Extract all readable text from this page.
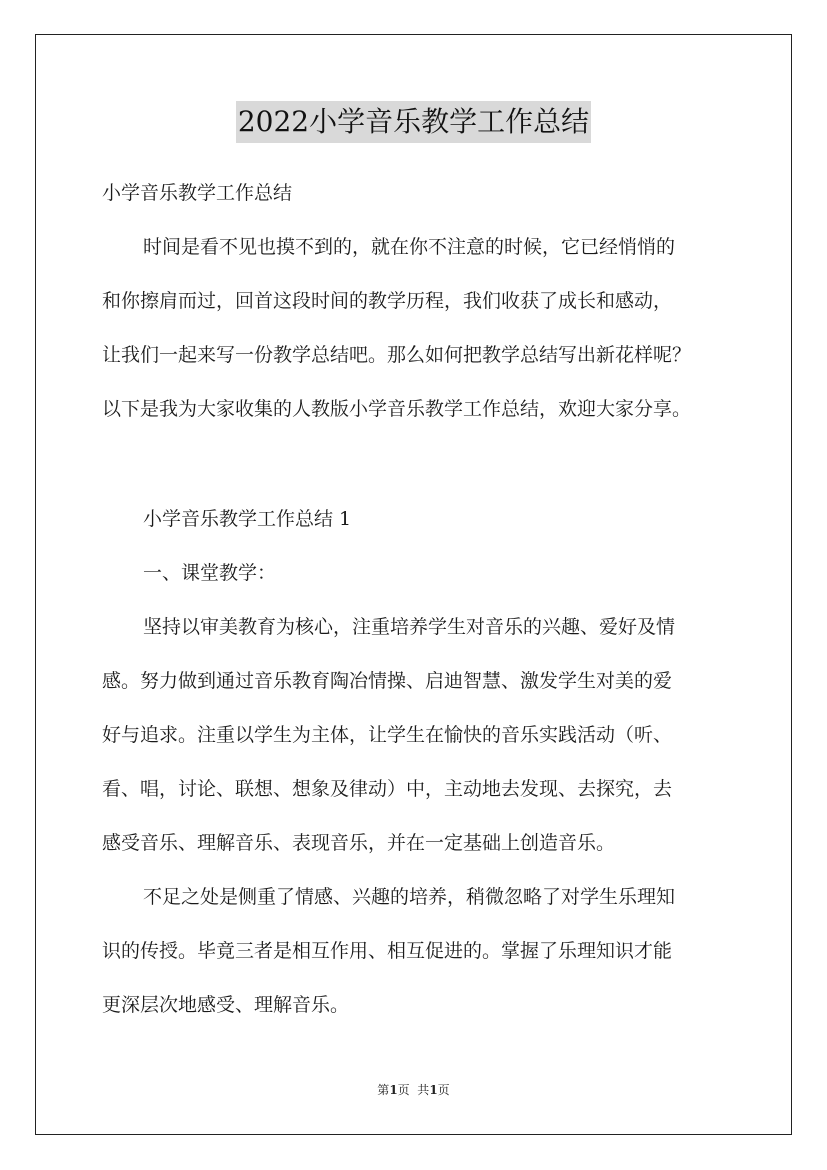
2022小学音乐教学工作总结
小学音乐教学工作总结
时间是看不见也摸不到的，就在你不注意的时候，它已经悄悄的
和你擦肩而过，回首这段时间的教学历程，我们收获了成长和感动，
让我们一起来写一份教学总结吧。那么如何把教学总结写出新花样呢？
以下是我为大家收集的人教版小学音乐教学工作总结，欢迎大家分享。
小学音乐教学工作总结 1
一、课堂教学：
坚持以审美教育为核心，注重培养学生对音乐的兴趣、爱好及情
感。努力做到通过音乐教育陶冶情操、启迪智慧、激发学生对美的爱
好与追求。注重以学生为主体，让学生在愉快的音乐实践活动（听、
看、唱，讨论、联想、想象及律动）中，主动地去发现、去探究，去
感受音乐、理解音乐、表现音乐，并在一定基础上创造音乐。
不足之处是侧重了情感、兴趣的培养，稍微忽略了对学生乐理知
识的传授。毕竟三者是相互作用、相互促进的。掌握了乐理知识才能
更深层次地感受、理解音乐。
第1页  共1页
